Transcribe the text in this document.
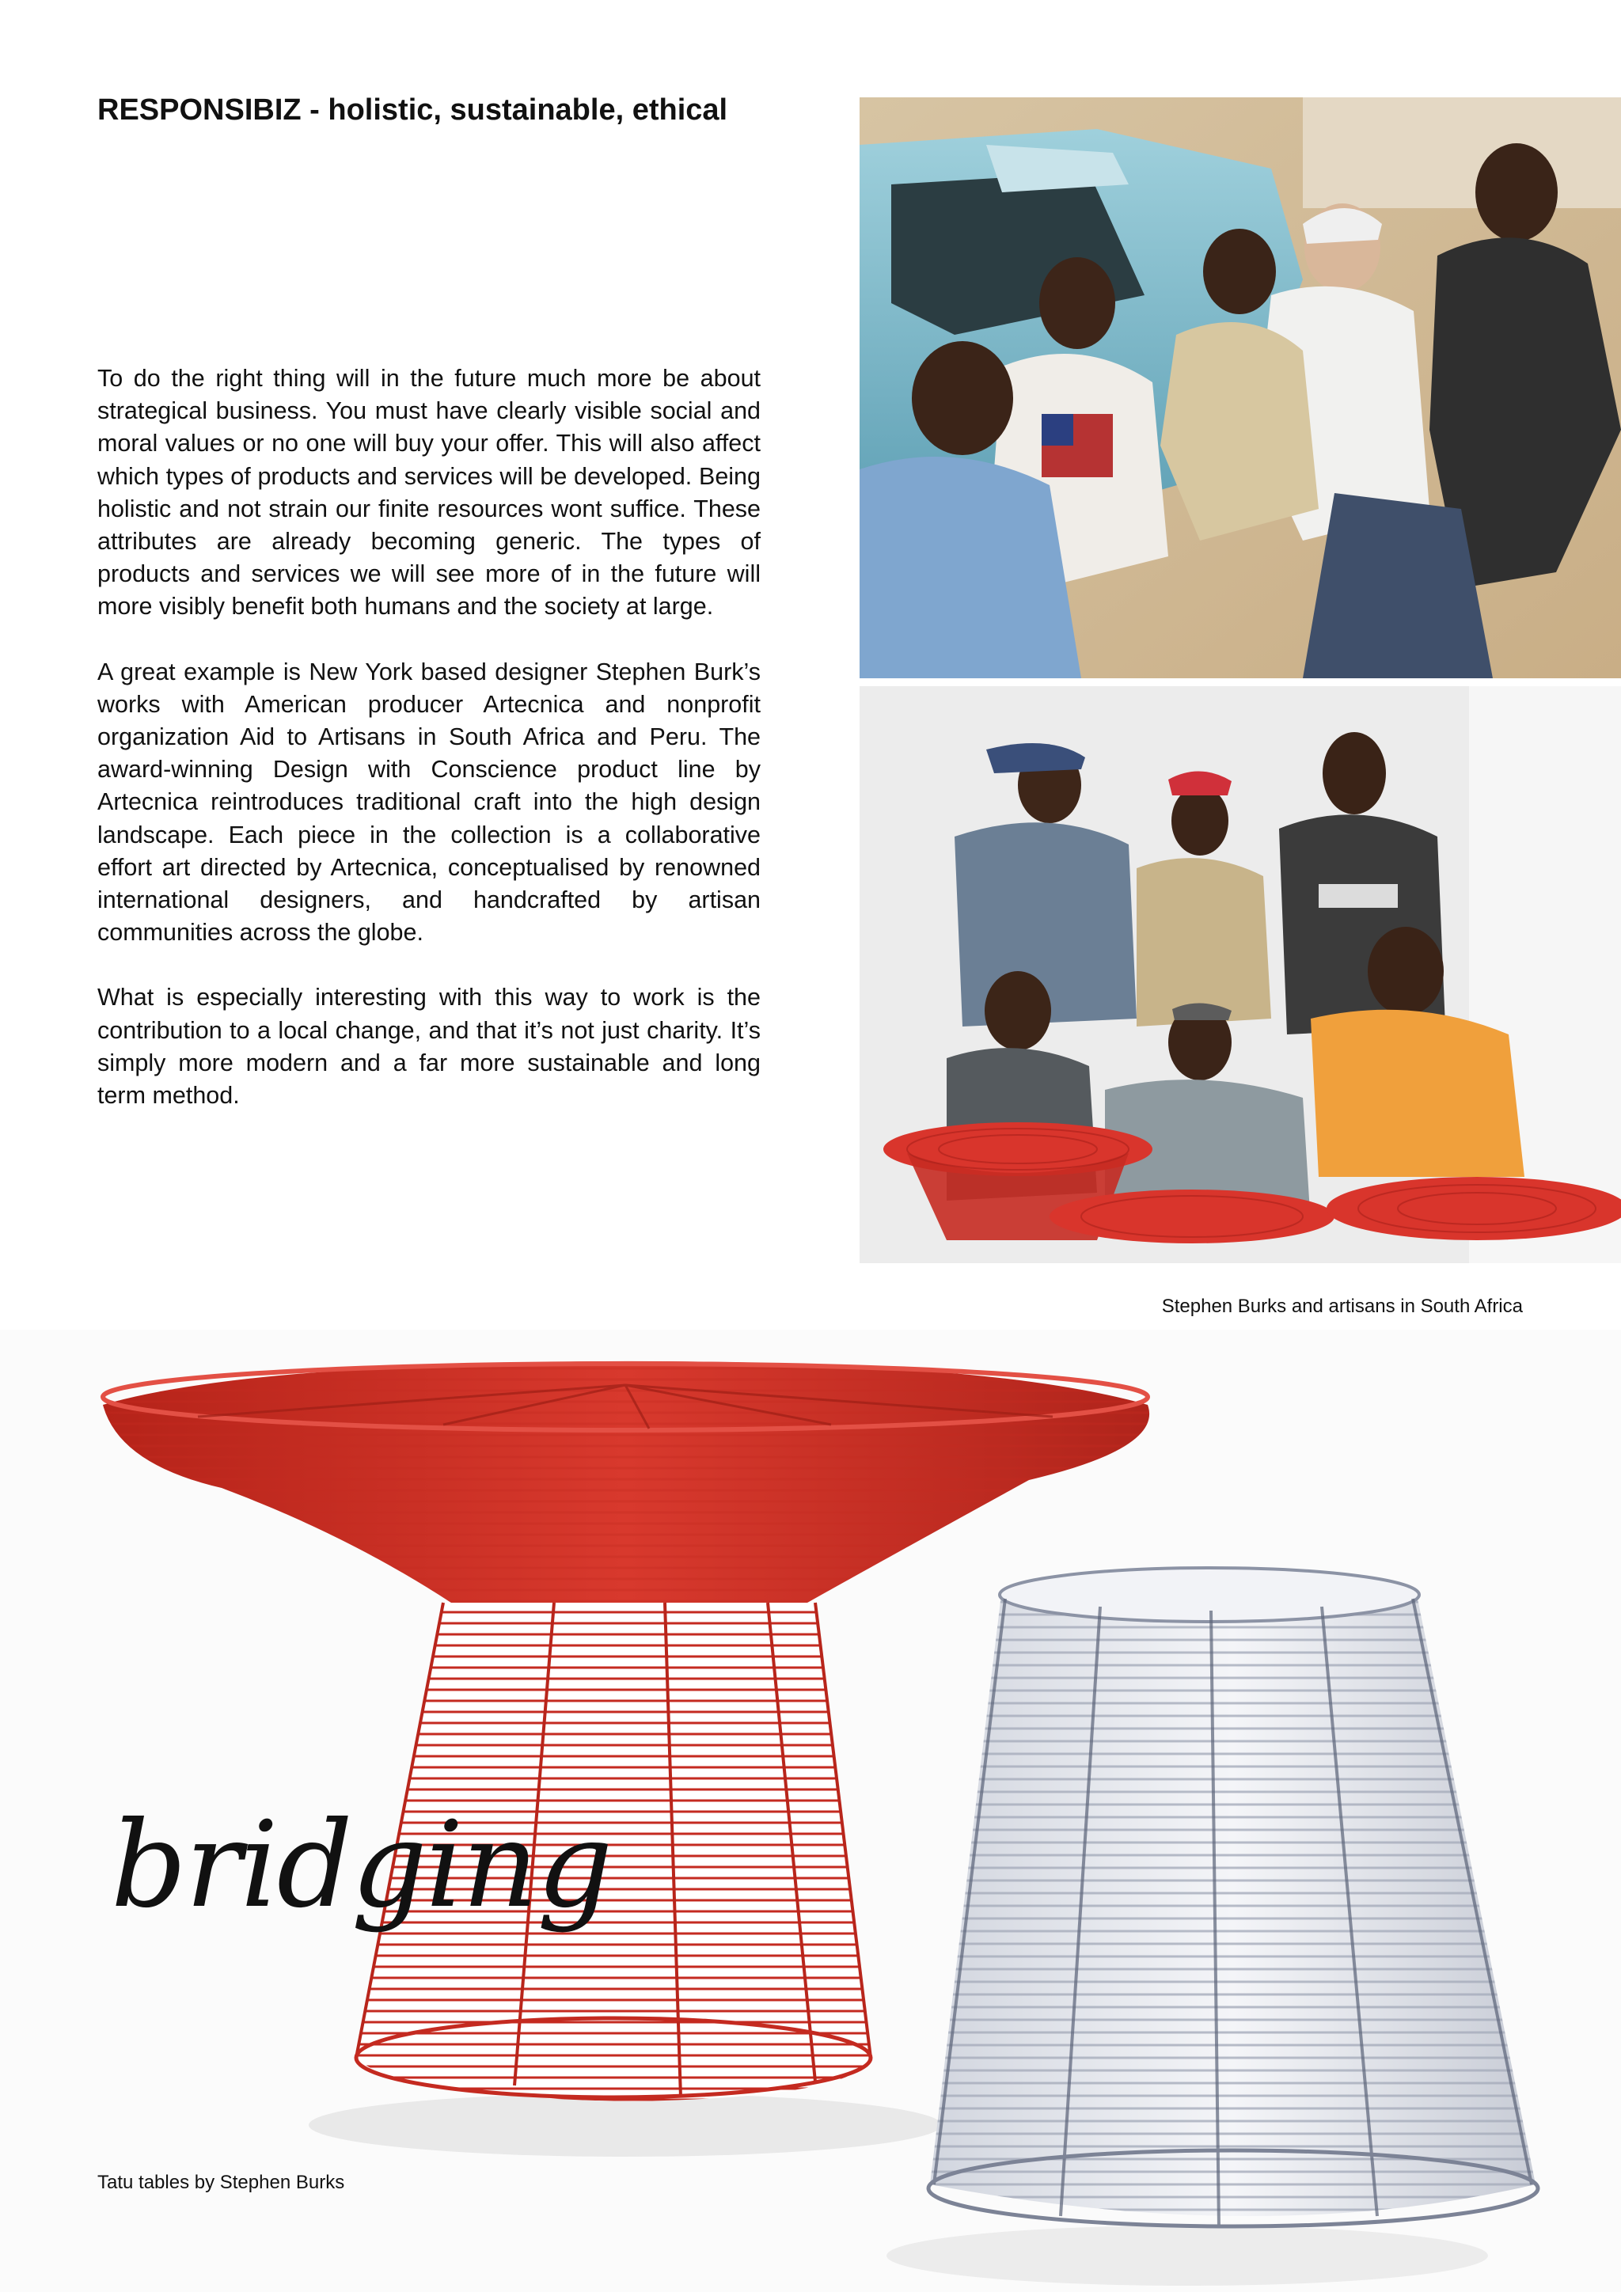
RESPONSIBIZ - holistic, sustainable, ethical

To do the right thing will in the future much more be about strategical business. You must have clearly visible social and moral values or no one will buy your offer. This will also affect which types of products and services will be developed. Being holistic and not strain our finite resources wont suffice. These attributes are already becoming generic. The types of products and services we will see more of in the future will more visibly benefit both humans and the society at large.

A great example is New York based designer Stephen Burk’s works with American producer Artecnica and nonprofit organization Aid to Artisans in South Africa and Peru. The award-winning Design with Conscience product line by Artecnica reintroduces traditional craft into the high design landscape. Each piece in the collection is a collaborative effort art directed by Artecnica, conceptualised by renowned international designers, and handcrafted by artisan communities across the globe.

What is especially interesting with this way to work is the contribution to a local change, and that it’s not just charity. It’s simply more modern and a far more sustainable and long term method.

Stephen Burks and artisans in South Africa
bridging
Tatu tables by Stephen Burks
